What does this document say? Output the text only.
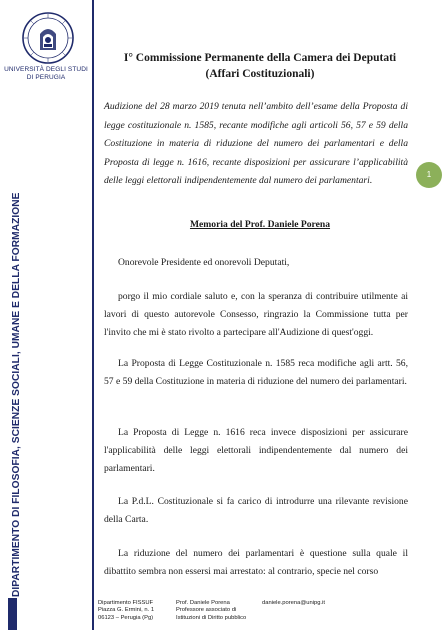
UNIVERSITÀ DEGLI STUDI
DI PERUGIA
DIPARTIMENTO DI FILOSOFIA, SCIENZE SOCIALI, UMANE E DELLA FORMAZIONE
I° Commissione Permanente della Camera dei Deputati
(Affari Costituzionali)
Audizione del 28 marzo 2019 tenuta nell’ambito dell’esame della Proposta di legge costituzionale n. 1585, recante modifiche agli articoli 56, 57 e 59 della Costituzione in materia di riduzione del numero dei parlamentari e della Proposta di legge n. 1616, recante disposizioni per assicurare l’applicabilità delle leggi elettorali indipendentemente dal numero dei parlamentari.
1
Memoria del Prof. Daniele Porena
Onorevole Presidente ed onorevoli Deputati,
porgo il mio cordiale saluto e, con la speranza di contribuire utilmente ai lavori di questo autorevole Consesso, ringrazio la Commissione tutta per l'invito che mi è stato rivolto a partecipare all'Audizione di quest'oggi.
La Proposta di Legge Costituzionale n. 1585 reca modifiche agli artt. 56, 57 e 59 della Costituzione in materia di riduzione del numero dei parlamentari.
La Proposta di Legge n. 1616 reca invece disposizioni per assicurare l'applicabilità delle leggi elettorali indipendentemente dal numero dei parlamentari.
La P.d.L. Costituzionale si fa carico di introdurre una rilevante revisione della Carta.
La riduzione del numero dei parlamentari è questione sulla quale il dibattito sembra non essersi mai arrestato: al contrario, specie nel corso
Dipartimento FISSUF
Piazza G. Ermini, n. 1
06123 – Perugia (Pg)
Prof. Daniele Porena
Professore associato di
Istituzioni di Diritto pubblico
daniele.porena@unipg.it
